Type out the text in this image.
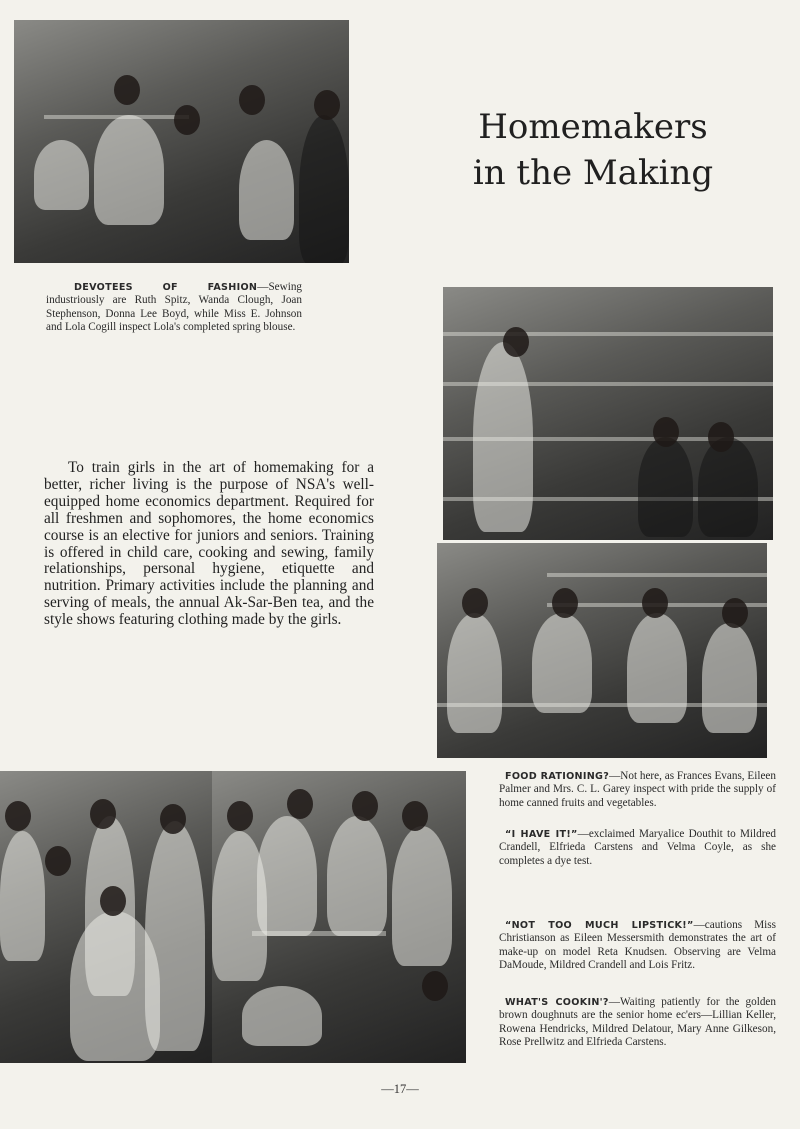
Homemakers
in the Making
DEVOTEES OF FASHION—Sewing industriously are Ruth Spitz, Wanda Clough, Joan Stephenson, Donna Lee Boyd, while Miss E. Johnson and Lola Cogill inspect Lola's completed spring blouse.
To train girls in the art of homemaking for a better, richer living is the purpose of NSA's well-equipped home economics department. Required for all freshmen and sophomores, the home economics course is an elective for juniors and seniors. Training is offered in child care, cooking and sewing, family relationships, personal hygiene, etiquette and nutrition. Primary activities include the planning and serving of meals, the annual Ak-Sar-Ben tea, and the style shows featuring clothing made by the girls.
FOOD RATIONING?—Not here, as Frances Evans, Eileen Palmer and Mrs. C. L. Garey inspect with pride the supply of home canned fruits and vegetables.
“I HAVE IT!”—exclaimed Maryalice Douthit to Mildred Crandell, Elfrieda Carstens and Velma Coyle, as she completes a dye test.
“NOT TOO MUCH LIPSTICK!”—cautions Miss Christianson as Eileen Messersmith demonstrates the art of make-up on model Reta Knudsen. Observing are Velma DaMoude, Mildred Crandell and Lois Fritz.
WHAT'S COOKIN'?—Waiting patiently for the golden brown doughnuts are the senior home ec'ers—Lillian Keller, Rowena Hendricks, Mildred Delatour, Mary Anne Gilkeson, Rose Prellwitz and Elfrieda Carstens.
—17—
